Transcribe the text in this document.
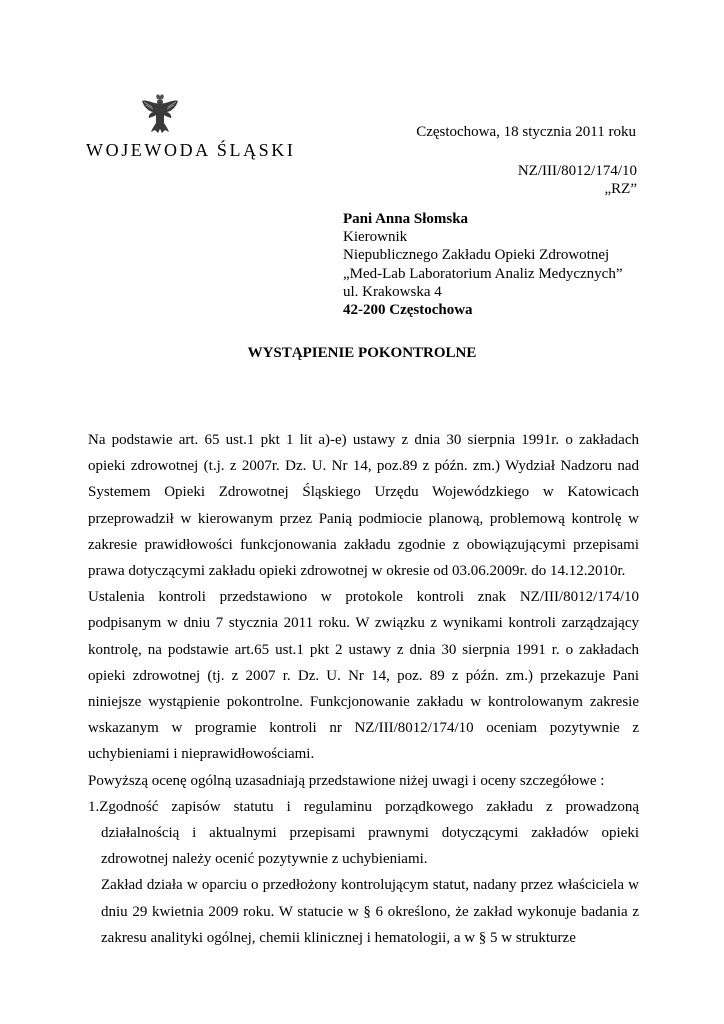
WOJEWODA ŚLĄSKI
Częstochowa, 18 stycznia 2011 roku
NZ/III/8012/174/10
„RZ”
Pani Anna Słomska
Kierownik
Niepublicznego Zakładu Opieki Zdrowotnej
„Med-Lab Laboratorium Analiz Medycznych”
ul. Krakowska 4
42-200 Częstochowa
WYSTĄPIENIE POKONTROLNE

Na podstawie art. 65 ust.1 pkt 1 lit a)-e) ustawy z dnia 30 sierpnia 1991r. o zakładach opieki zdrowotnej (t.j. z 2007r. Dz. U. Nr 14, poz.89 z późn. zm.) Wydział Nadzoru nad Systemem Opieki Zdrowotnej Śląskiego Urzędu Wojewódzkiego w Katowicach przeprowadził w kierowanym przez Panią podmiocie planową, problemową kontrolę w zakresie prawidłowości funkcjonowania zakładu zgodnie z obowiązującymi przepisami prawa dotyczącymi zakładu opieki zdrowotnej w okresie od 03.06.2009r. do 14.12.2010r.

Ustalenia kontroli przedstawiono w protokole kontroli znak NZ/III/8012/174/10 podpisanym w dniu 7 stycznia 2011 roku. W związku z wynikami kontroli zarządzający kontrolę, na podstawie art.65 ust.1 pkt 2 ustawy z dnia 30 sierpnia 1991 r. o zakładach opieki zdrowotnej (tj. z 2007 r. Dz. U. Nr 14, poz. 89 z późn. zm.) przekazuje Pani niniejsze wystąpienie pokontrolne. Funkcjonowanie zakładu w kontrolowanym zakresie wskazanym w programie kontroli nr NZ/III/8012/174/10 oceniam pozytywnie z uchybieniami i nieprawidłowościami.

Powyższą ocenę ogólną uzasadniają przedstawione niżej uwagi i oceny szczegółowe :

1.Zgodność zapisów statutu i regulaminu porządkowego zakładu z prowadzoną działalnością i aktualnymi przepisami prawnymi dotyczącymi zakładów opieki zdrowotnej należy ocenić pozytywnie z uchybieniami.

Zakład działa w oparciu o przedłożony kontrolującym statut, nadany przez właściciela w dniu 29 kwietnia 2009 roku. W statucie w § 6 określono, że zakład wykonuje badania z zakresu analityki ogólnej, chemii klinicznej i hematologii, a w § 5 w strukturze
